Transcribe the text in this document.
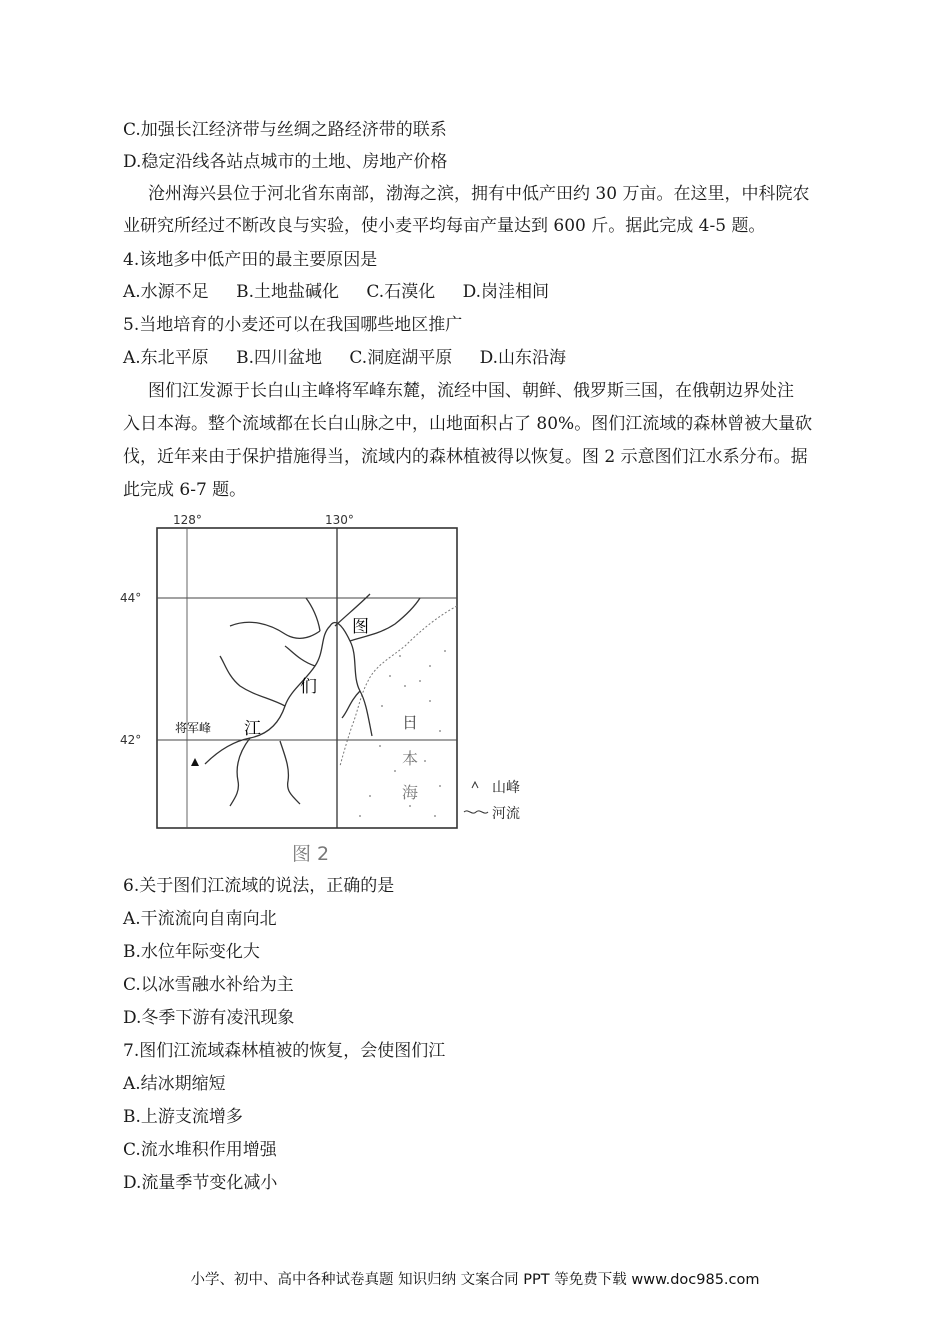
C.加强长江经济带与丝绸之路经济带的联系
D.稳定沿线各站点城市的土地、房地产价格
沧州海兴县位于河北省东南部，渤海之滨，拥有中低产田约 30 万亩。在这里，中科院农
业研究所经过不断改良与实验，使小麦平均每亩产量达到 600 斤。据此完成 4-5 题。
4.该地多中低产田的最主要原因是
A.水源不足 B.土地盐碱化 C.石漠化 D.岗洼相间
5.当地培育的小麦还可以在我国哪些地区推广
A.东北平原 B.四川盆地 C.洞庭湖平原 D.山东沿海
图们江发源于长白山主峰将军峰东麓，流经中国、朝鲜、俄罗斯三国，在俄朝边界处注
入日本海。整个流域都在长白山脉之中，山地面积占了 80%。图们江流域的森林曾被大量砍
伐，近年来由于保护措施得当，流域内的森林植被得以恢复。图 2 示意图们江水系分布。据
此完成 6-7 题。
将军峰
128°	130°
44°
42°
图
们
江	日
本
海	山峰
河流
图 2
6.关于图们江流域的说法，正确的是
A.干流流向自南向北
B.水位年际变化大
C.以冰雪融水补给为主
D.冬季下游有凌汛现象
7.图们江流域森林植被的恢复，会使图们江
A.结冰期缩短
B.上游支流增多
C.流水堆积作用增强
D.流量季节变化减小
小学、初中、高中各种试卷真题 知识归纳 文案合同 PPT 等免费下载 www.doc985.com
